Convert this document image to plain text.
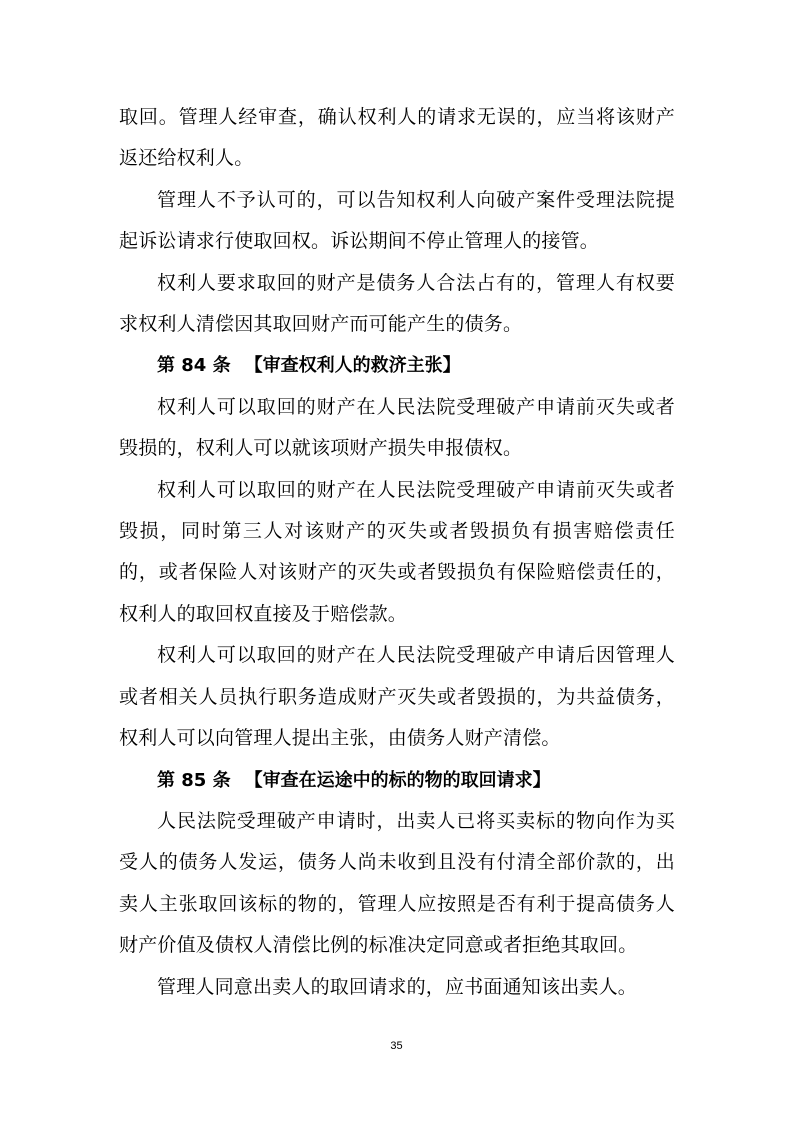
取回。管理人经审查，确认权利人的请求无误的，应当将该财产返还给权利人。

管理人不予认可的，可以告知权利人向破产案件受理法院提起诉讼请求行使取回权。诉讼期间不停止管理人的接管。

权利人要求取回的财产是债务人合法占有的，管理人有权要求权利人清偿因其取回财产而可能产生的债务。

第 84 条 【审查权利人的救济主张】

权利人可以取回的财产在人民法院受理破产申请前灭失或者毁损的，权利人可以就该项财产损失申报债权。

权利人可以取回的财产在人民法院受理破产申请前灭失或者毁损，同时第三人对该财产的灭失或者毁损负有损害赔偿责任的，或者保险人对该财产的灭失或者毁损负有保险赔偿责任的，权利人的取回权直接及于赔偿款。

权利人可以取回的财产在人民法院受理破产申请后因管理人或者相关人员执行职务造成财产灭失或者毁损的，为共益债务，权利人可以向管理人提出主张，由债务人财产清偿。

第 85 条 【审查在运途中的标的物的取回请求】

人民法院受理破产申请时，出卖人已将买卖标的物向作为买受人的债务人发运，债务人尚未收到且没有付清全部价款的，出卖人主张取回该标的物的，管理人应按照是否有利于提高债务人财产价值及债权人清偿比例的标准决定同意或者拒绝其取回。

管理人同意出卖人的取回请求的，应书面通知该出卖人。

35
